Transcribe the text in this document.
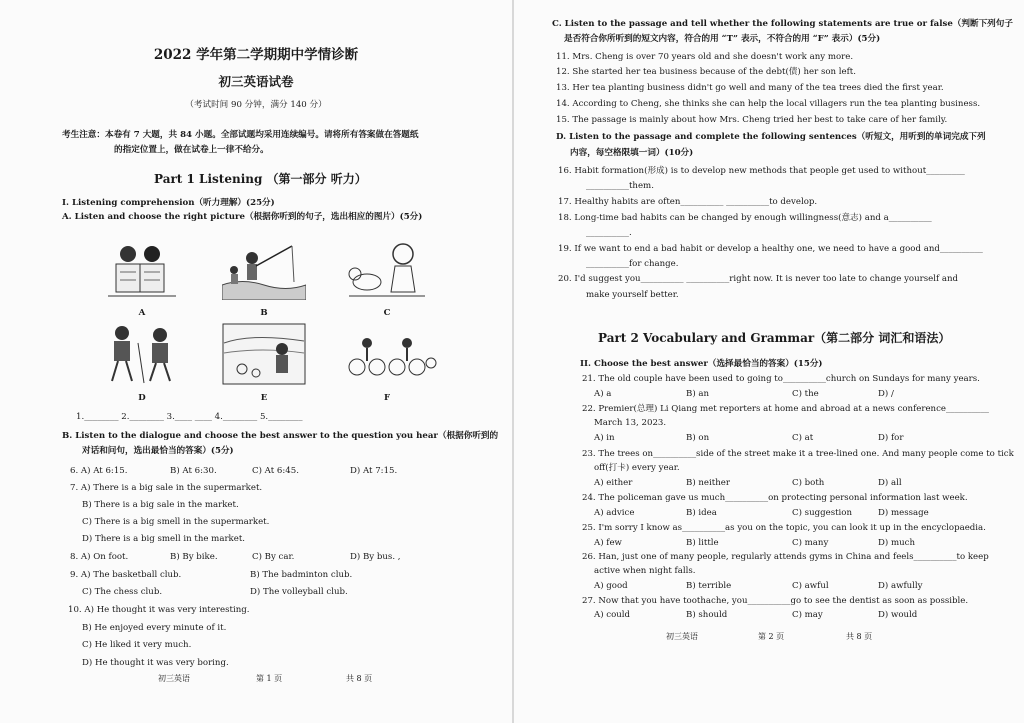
2022 学年第二学期期中学情诊断
初三英语试卷
（考试时间 90 分钟，满分 140 分）
考生注意：本卷有 7 大题，共 84 小题。全部试题均采用连续编号。请将所有答案做在答题纸
的指定位置上，做在试卷上一律不给分。
Part 1 Listening （第一部分 听力）
I. Listening comprehension（听力理解）(25分)
A. Listen and choose the right picture（根据你听到的句子，选出相应的图片）(5分)
A	B	C
D	E	F
1.________ 2.________ 3.____ ____ 4.________ 5.________
B. Listen to the dialogue and choose the best answer to the question you hear（根据你听到的
对话和问句，选出最恰当的答案）(5分)
6. A) At 6:15.	B) At 6:30.	C) At 6:45.	D) At 7:15.
7. A) There is a big sale in the supermarket.
B) There is a big sale in the market.
C) There is a big smell in the supermarket.
D) There is a big smell in the market.
8. A) On foot.	B) By bike.	C) By car.	D) By bus. ,
9. A) The basketball club.	B) The badminton club.
C) The chess club.	D) The volleyball club.
10. A) He thought it was very interesting.
B) He enjoyed every minute of it.
C) He liked it very much.
D) He thought it was very boring.
初三英语	第 1 页	共 8 页
C. Listen to the passage and tell whether the following statements are true or false（判断下列句子
是否符合你所听到的短文内容，符合的用 “T” 表示，不符合的用 “F” 表示）(5分)
11. Mrs. Cheng is over 70 years old and she doesn't work any more.
12. She started her tea business because of the debt(债) her son left.
13. Her tea planting business didn't go well and many of the tea trees died the first year.
14. According to Cheng, she thinks she can help the local villagers run the tea planting business.
15. The passage is mainly about how Mrs. Cheng tried her best to take care of her family.
D. Listen to the passage and complete the following sentences（听短文，用听到的单词完成下列
内容，每空格限填一词）(10分)
16. Habit formation(形成) is to develop new methods that people get used to without_________
__________them.
17. Healthy habits are often__________ __________to develop.
18. Long-time bad habits can be changed by enough willingness(意志) and a__________
__________.
19. If we want to end a bad habit or develop a healthy one, we need to have a good and__________
__________for change.
20. I'd suggest you__________ __________right now. It is never too late to change yourself and
make yourself better.
Part 2 Vocabulary and Grammar（第二部分 词汇和语法）
II. Choose the best answer（选择最恰当的答案）(15分)
21. The old couple have been used to going to__________church on Sundays for many years.
A) a	B) an	C) the	D) /
22. Premier(总理) Li Qiang met reporters at home and abroad at a news conference__________
March 13, 2023.
A) in	B) on	C) at	D) for
23. The trees on__________side of the street make it a tree-lined one. And many people come to tick
off(打卡) every year.
A) either	B) neither	C) both	D) all
24. The policeman gave us much__________on protecting personal information last week.
A) advice	B) idea	C) suggestion	D) message
25. I'm sorry I know as__________as you on the topic, you can look it up in the encyclopaedia.
A) few	B) little	C) many	D) much
26. Han, just one of many people, regularly attends gyms in China and feels__________to keep
active when night falls.
A) good	B) terrible	C) awful	D) awfully
27. Now that you have toothache, you__________go to see the dentist as soon as possible.
A) could	B) should	C) may	D) would
初三英语	第 2 页	共 8 页
